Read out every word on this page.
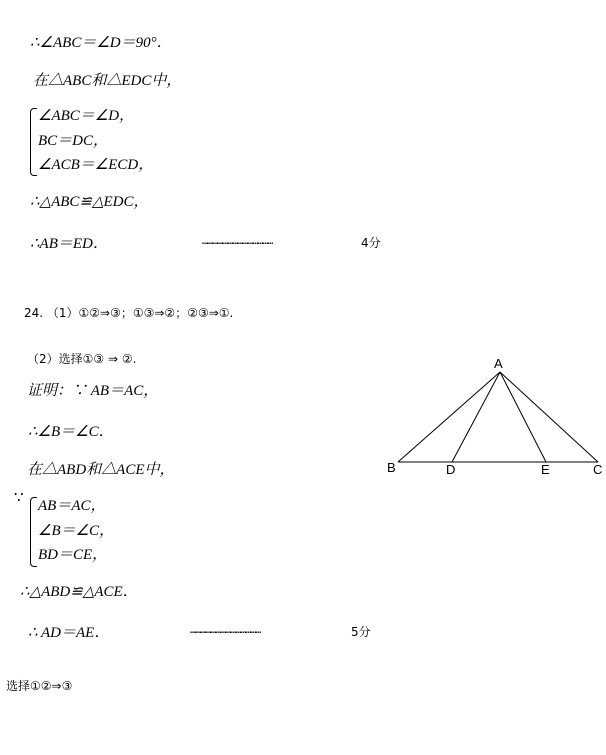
∴∠ABC＝∠D＝90°．
在△ABC和△EDC中，
∠ABC＝∠D，
BC＝DC，
∠ACB＝∠ECD，
∴△ABC≌△EDC，
∴AB＝ED．	……………………………………	4分
24. （1）①②⇒③；①③⇒②；②③⇒①.
（2）选择①③ ⇒ ②.
证明：∵ AB＝AC，
∴∠B＝∠C．
在△ABD和△ACE中，
∵ AB＝AC，
∠B＝∠C，
BD＝CE，
∴△ABD≌△ACE．
∴ AD＝AE．	……………………………………	5分
选择①②⇒③
A
B	D	E	C
